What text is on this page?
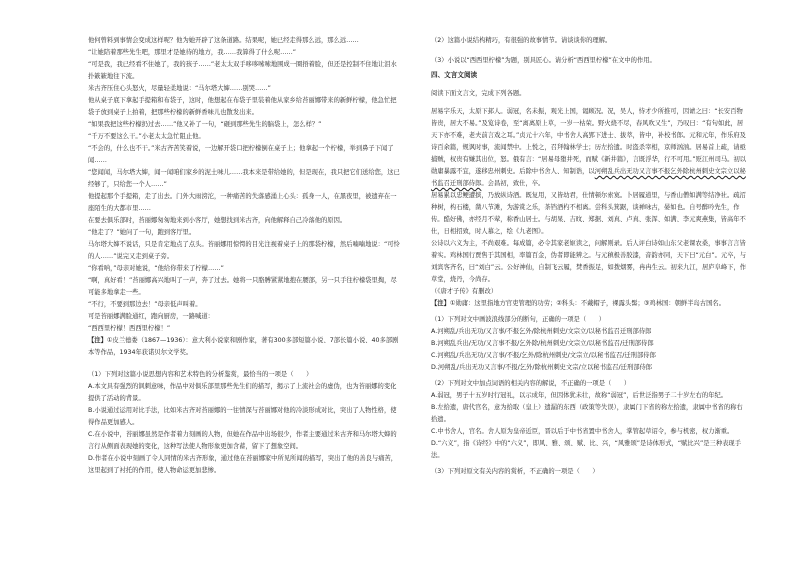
他何曾料到事情会变成这样呢？他为她开辟了这条道路。结果呢，她已经走得那么远，那么远……

“让她陪着那些先生吧，那里才是她待的地方，我……我算得了什么呢……”

“可是我，我已经看不住她了，我的孩子……”老太太双手哆哆嗦嗦地围成一圈捂着脸，但还是控制不住地让泪水扑簌簌地往下流。

米古齐压住心头怒火，尽量轻柔地说：“马尔塔大婶……别哭……”

他从桌子底下拿起手提箱和布袋子，这时，他想起在布袋子里装着他从家乡给苔丽娜带来的新鲜柠檬，他急忙把袋子放到桌子上拍着，把那些柠檬的新鲜香味儿也散发出来。

“如果我把这些柠檬扔过去……”他又补了一句，“砸到那些先生的脑袋上，怎么样？”

“千万不要这么干。”小老太太急忙阻止他。

“不会的，什么也不干。”米古齐苦笑着说，一边解开袋口把柠檬倒在桌子上；他拿起一个柠檬，举到鼻子下闻了闻……

“您闻闻，马尔塔大婶，闻一闻咱们家乡的泥土味儿……我本来是带给她的，但是现在，我只把它们送给您，这已经够了，只给您一个人……”

他提起那个手提箱，走了出去。门外大雨滂沱，一种痛苦的失落感涌上心头：孤身一人，在黑夜里，被遗弃在一座陌生的大都市里……

在要去俱乐部时，苔丽娜匆匆地来到小客厅，她想找到米古齐，向他解释自己冷落他的原因。

“他走了？”她问了一句，跑到客厅里。

马尔塔大婶不说话，只是肯定地点了点头。苔丽娜用惊愕的目光注视着桌子上的那袋柠檬，然后喃喃地说：“可怜的人……”说完又走到桌子旁。

“你看呐，”母亲对她说，“他给你带来了柠檬……”

“啊，真好看！”苔丽娜高兴地叫了一声，奔了过去。她将一只胳膊紧紧地抱在腰部，另一只手往柠檬袋里掏，尽可能多地拿走一些。

“不行，不要到那边去！”母亲低声叫着。

可是苔丽娜满脸通红，跑向厨房，一路喊道：

“西西里柠檬！西西里柠檬！”

【注】①皮兰德娄（1867—1936）：意大利小说家和剧作家，著有300多部短篇小说、7部长篇小说、40多部剧本等作品，1934年获诺贝尔文学奖。

（1）下列对这篇小说思想内容和艺术特色的分析鉴赏，最恰当的一项是（　　）

A.本文具有强烈的讽刺意味，作品中对俱乐部里那些先生们的描写，揭示了上流社会的虚伪，也为苔丽娜的变化提供了活动的背景。

B.小说通过运用对比手法，比如米古齐对苔丽娜的一往情深与苔丽娜对他的冷淡形成对比，突出了人物性格，使得作品更加感人。

C.在小说中，苔丽娜虽然是作者着力刻画的人物，但她在作品中出场很少，作者主要通过米古齐和马尔塔大婶的言行从侧面表现她的变化，这种写法使人物形象更加含蓄，留下了想象空间。

D.作者在小说中刻画了令人同情的米古齐形象，通过他在苔丽娜家中所见所闻的描写，突出了他的善良与痛苦，这里起到了衬托的作用，使人物命运更加悲惨。

（2）这篇小说结构精巧，有很强的故事情节。请谈谈你的理解。

（3）小说以“西西里柠檬”为题，别具匠心。请分析“西西里柠檬”在文中的作用。

四、文言文阅读

阅读下面文言文，完成下列各题。

居易字乐天，太原下邽人。弱冠，名未振，观光上国，谒顾况。况，吴人，恃才少所推可，因谑之曰：“长安百物皆贵，居大不易。”及览诗卷，至“离离原上草，一岁一枯荣。野火烧不尽，春风吹又生”，乃叹曰：“有句如此，居天下亦不难，老夫前言戏之耳。”贞元十六年，中书舍人高郢下进士、拔萃，皆中，补校书郎。元和元年，作乐府及诗百余篇，规讽时事，流闻禁中。上悦之，召拜翰林学士；历左拾遗。时盗杀宰相，京师汹汹。居易首上疏，请亟捕贼，权贵有嫌其出位，怒。俄有言：“居易母堕井死，而赋《新井篇》，言既浮华，行不可用。”贬江州司马。初以勋庸暴露不宜，遂移忠州刺史。后除中书舍人、知制诰，以河朔乱兵出无功又言事不报乞外除杭州刺史文宗立以秘书监召迁刑部侍郎。会昌初，致仕，卒。

居易累以忠鲠遭摈，乃放纵诗酒。既复用，又皆幼君，仕情顿尔索寞。卜居履道里，与香山僧如满等结净社。疏沼种树，构石楼，凿八节滩，为游赏之乐，茶铛酒杓不相离。尝科头箕踞，谈禅咏古，晏如也。自号醉吟先生，作传。酷好佛，亦经月不荤，称香山居士。与胡杲、吉旼、郑据、刘真、卢真、张浑、如满、李元爽燕集，皆高年不仕，日相招致，时人慕之，绘《九老图》。

公诗以六义为主，不尚艰难。每成篇，必令其家老妪读之，问解则录。后人评白诗如山东父老课农桑，事事言言皆着实。鸡林国行贾售于其国相，率篇百金，伪者即能辨之。与元稹极善胶漆，音韵亦同，天下曰“元白”。元卒，与刘宾客齐名，曰“刘白”云。公好神仙，自制飞云履，焚香振足，如拨烟雾，冉冉生云。初来九江，居庐阜峰下，作草堂，烧丹，今尚存。

（《唐才子传》有删改）

【注】①勋庸：这里指地方官吏管理的功劳；②科头：不戴帽子，裸露头髻；③鸡林国：朝鲜半岛古国名。

（1）下列对文中画波浪线部分的断句，正确的一项是（　　）

A.河朔乱/兵出无功/又言事/不报乞外/除杭州刺史/文宗立/以秘书监召迁刑部侍郎

B.河朔乱兵出/无功/又言事不报/乞外除/杭州刺史/文宗立/以秘书监召/迁刑部侍郎

C.河朔乱/兵出无功/又言事/不报/乞外/除杭州刺史/文宗立/以秘书监召/迁刑部侍郎

D.河朔乱/兵出无功又言事/不报/乞外/除杭州刺史文宗/立以秘书监召/迁刑部侍郎

（2）下列对文中加点词语的相关内容的解说，不正确的一项是（　　）

A.弱冠，男子十五岁时行冠礼，以示成年，但因体犹未壮，故称“弱冠”，后世泛指男子二十岁左右的年纪。

B.左拾遗，唐代官名，意为拾取（皇上）遗漏的东西（政策等失误），隶属门下省的称左拾遗，隶属中书省的称右拾遗。

C.中书舍人，官名。舍人原为皇帝近臣，晋以后于中书省置中书舍人，掌管起草诏令，参与机密，权力渐重。

D.“六义”，指《诗经》中的“六义”，即风、雅、颂、赋、比、兴，“风雅颂”是诗体形式，“赋比兴”是三种表现手法。

（3）下列对原文有关内容的赏析，不正确的一项是（　　）
